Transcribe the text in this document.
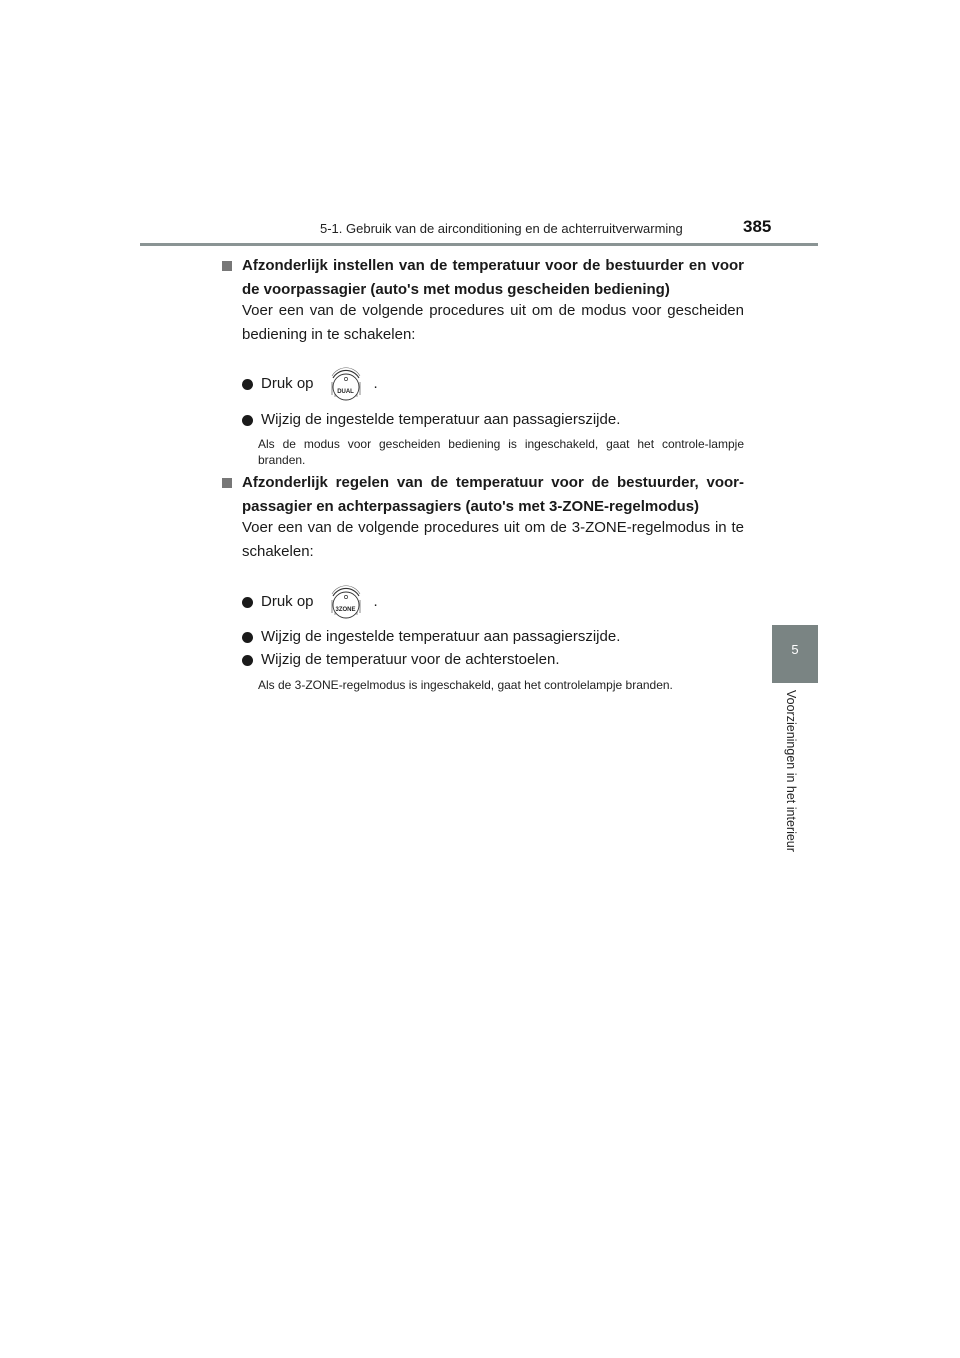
5-1. Gebruik van de airconditioning en de achterruitverwarming	385
5
Voorzieningen in het interieur
Afzonderlijk instellen van de temperatuur voor de bestuurder en voor de voorpassagier (auto's met modus gescheiden bediening)
Voer een van de volgende procedures uit om de modus voor gescheiden bediening in te schakelen:
Druk op	DUAL	.
Wijzig de ingestelde temperatuur aan passagierszijde.
Als de modus voor gescheiden bediening is ingeschakeld, gaat het controle-lampje branden.
Afzonderlijk regelen van de temperatuur voor de bestuurder, voor-passagier en achterpassagiers (auto's met 3-ZONE-regelmodus)
Voer een van de volgende procedures uit om de 3-ZONE-regelmodus in te schakelen:
Druk op	3ZONE	.
Wijzig de ingestelde temperatuur aan passagierszijde.
Wijzig de temperatuur voor de achterstoelen.
Als de 3-ZONE-regelmodus is ingeschakeld, gaat het controlelampje branden.
